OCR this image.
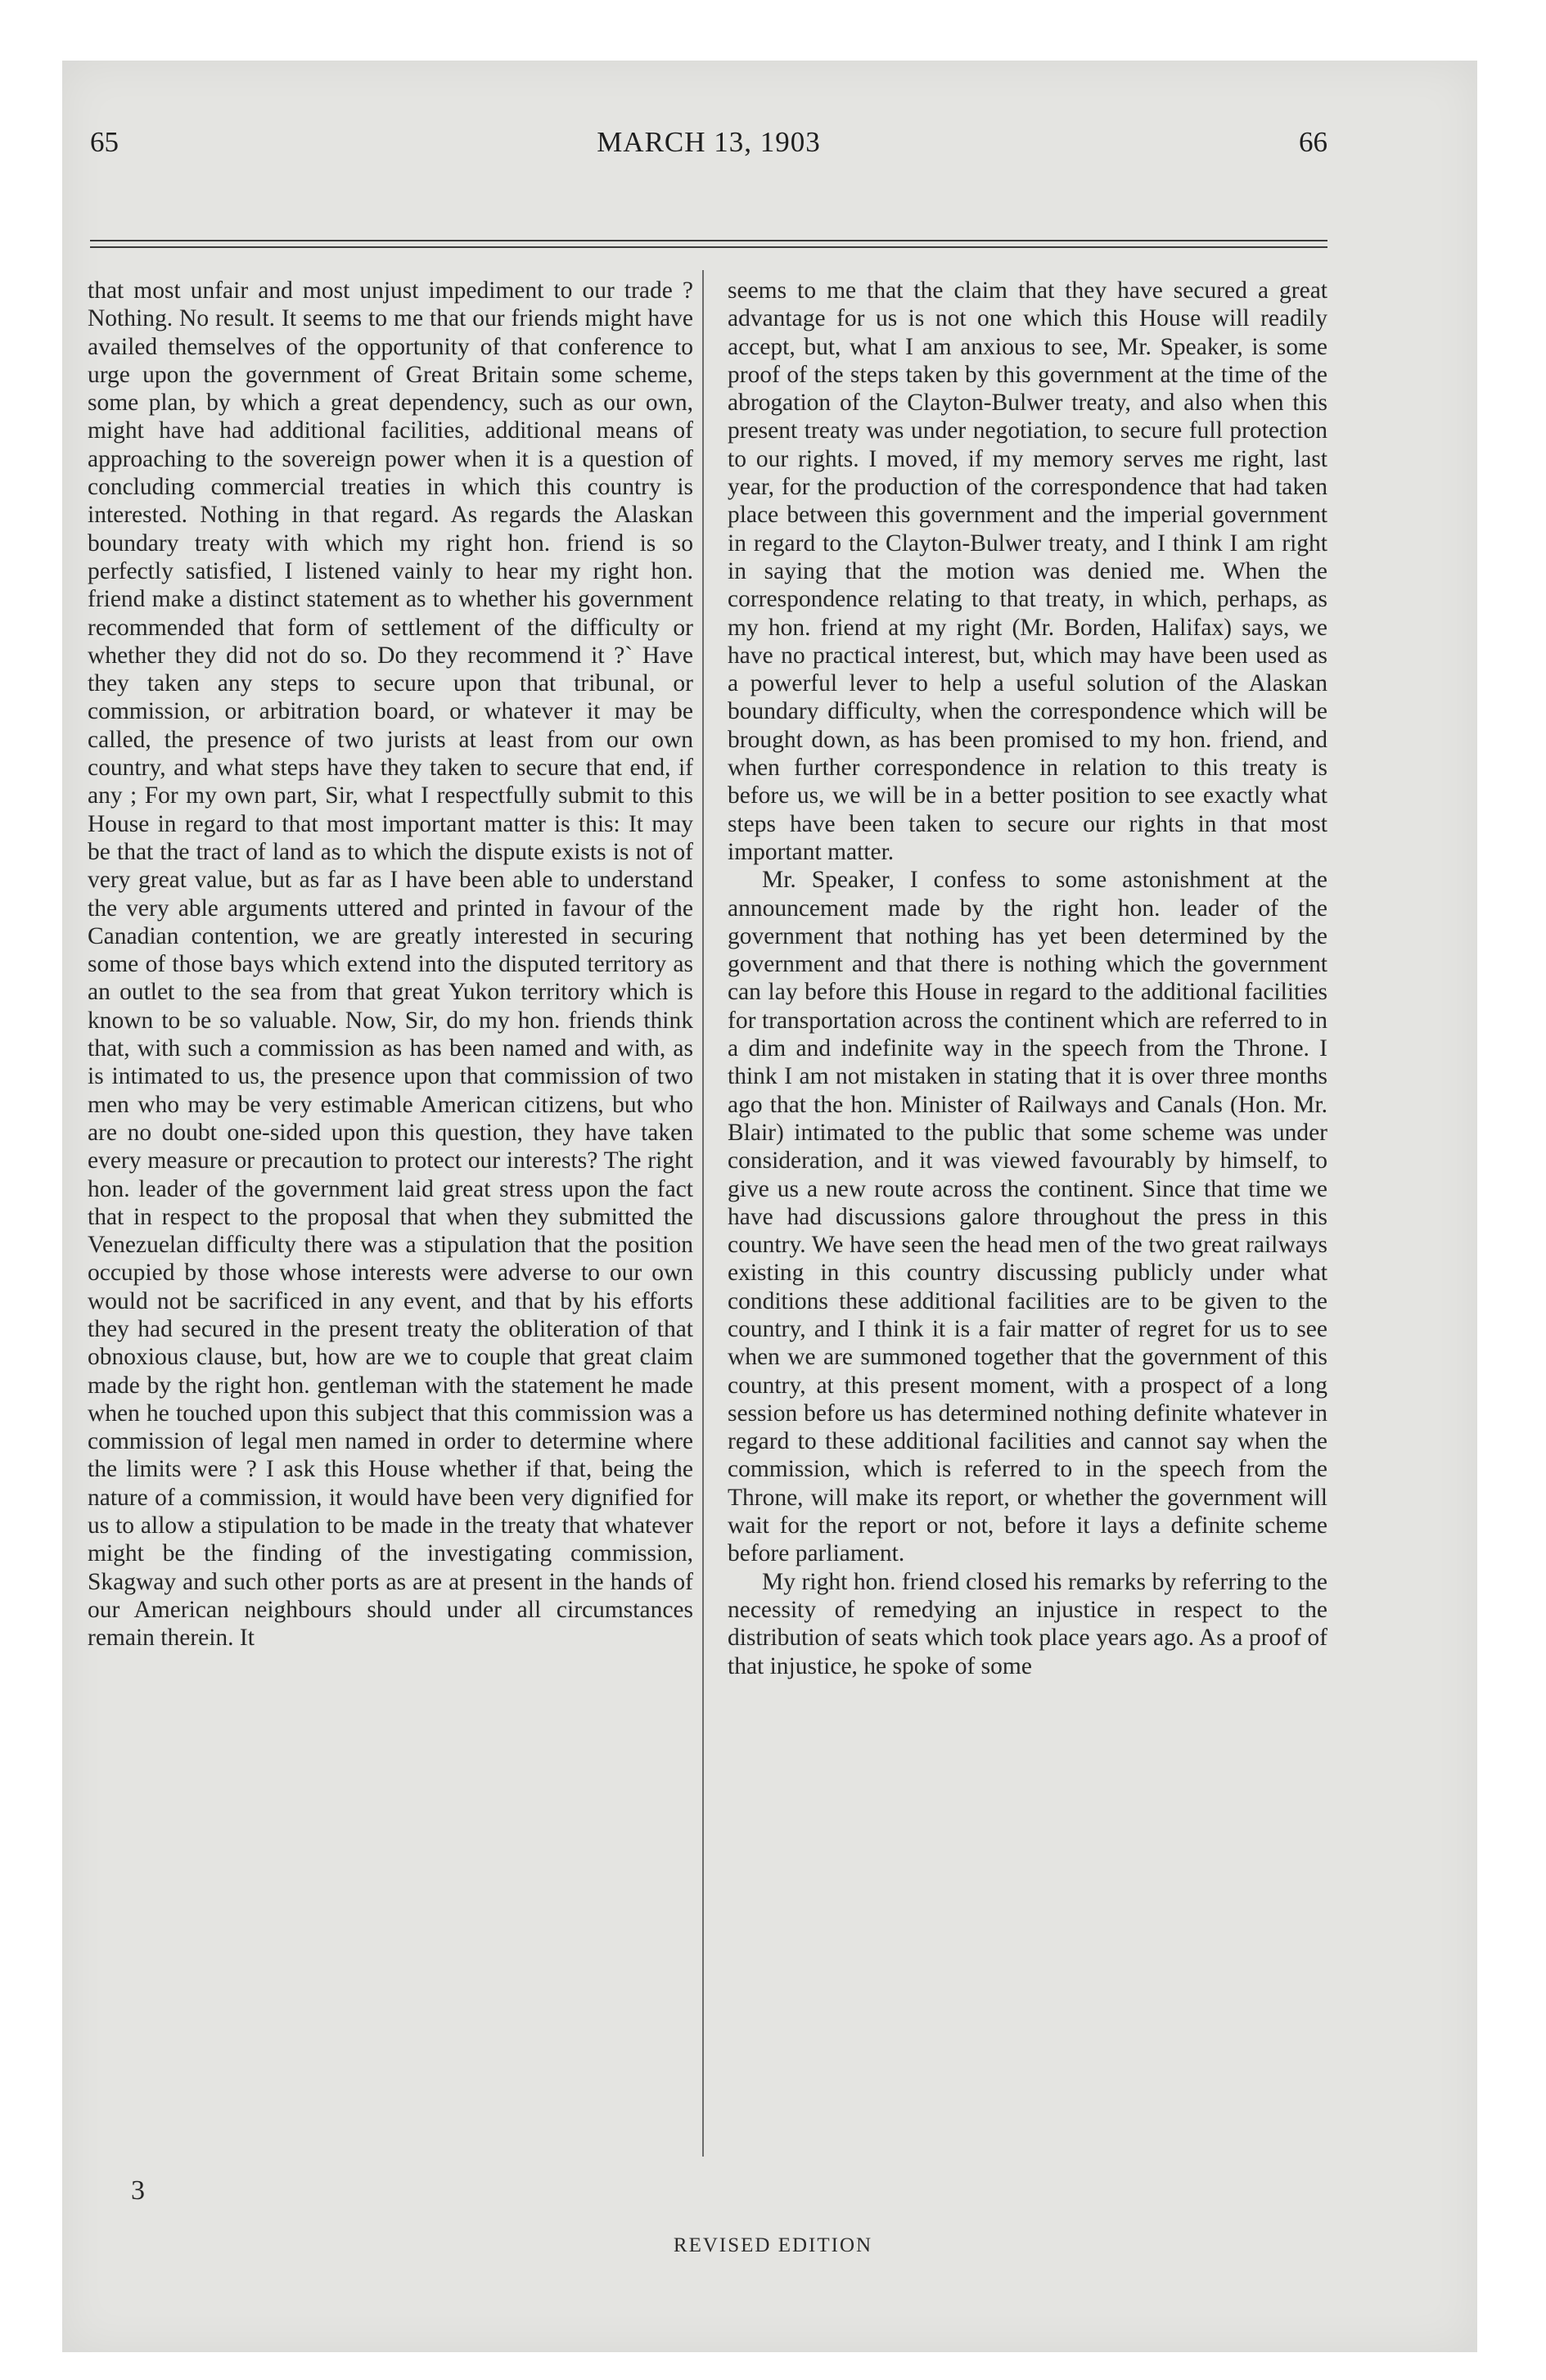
65	MARCH 13, 1903	66

that most unfair and most unjust impediment to our trade ? Nothing. No result. It seems to me that our friends might have availed themselves of the opportunity of that conference to urge upon the government of Great Britain some scheme, some plan, by which a great dependency, such as our own, might have had additional facilities, additional means of approaching to the sovereign power when it is a question of concluding commercial treaties in which this country is interested. Nothing in that regard. As regards the Alaskan boundary treaty with which my right hon. friend is so perfectly satisfied, I listened vainly to hear my right hon. friend make a distinct statement as to whether his government recommended that form of settlement of the difficulty or whether they did not do so. Do they recommend it ?` Have they taken any steps to secure upon that tribunal, or commission, or arbitration board, or whatever it may be called, the presence of two jurists at least from our own country, and what steps have they taken to secure that end, if any ; For my own part, Sir, what I respectfully submit to this House in regard to that most important matter is this: It may be that the tract of land as to which the dispute exists is not of very great value, but as far as I have been able to understand the very able arguments uttered and printed in favour of the Canadian contention, we are greatly interested in securing some of those bays which extend into the disputed territory as an outlet to the sea from that great Yukon territory which is known to be so valuable. Now, Sir, do my hon. friends think that, with such a commission as has been named and with, as is intimated to us, the presence upon that commission of two men who may be very estimable American citizens, but who are no doubt one-sided upon this question, they have taken every measure or precaution to protect our interests? The right hon. leader of the government laid great stress upon the fact that in respect to the proposal that when they submitted the Venezuelan difficulty there was a stipulation that the position occupied by those whose interests were adverse to our own would not be sacrificed in any event, and that by his efforts they had secured in the present treaty the obliteration of that obnoxious clause, but, how are we to couple that great claim made by the right hon. gentleman with the statement he made when he touched upon this subject that this commission was a commission of legal men named in order to determine where the limits were ? I ask this House whether if that, being the nature of a commission, it would have been very dignified for us to allow a stipulation to be made in the treaty that whatever might be the finding of the investigating commission, Skagway and such other ports as are at present in the hands of our American neighbours should under all circumstances remain therein. It

seems to me that the claim that they have secured a great advantage for us is not one which this House will readily accept, but, what I am anxious to see, Mr. Speaker, is some proof of the steps taken by this government at the time of the abrogation of the Clayton-Bulwer treaty, and also when this present treaty was under negotiation, to secure full protection to our rights. I moved, if my memory serves me right, last year, for the production of the correspondence that had taken place between this government and the imperial government in regard to the Clayton-Bulwer treaty, and I think I am right in saying that the motion was denied me. When the correspondence relating to that treaty, in which, perhaps, as my hon. friend at my right (Mr. Borden, Halifax) says, we have no practical interest, but, which may have been used as a powerful lever to help a useful solution of the Alaskan boundary difficulty, when the correspondence which will be brought down, as has been promised to my hon. friend, and when further correspondence in relation to this treaty is before us, we will be in a better position to see exactly what steps have been taken to secure our rights in that most important matter.

Mr. Speaker, I confess to some astonishment at the announcement made by the right hon. leader of the government that nothing has yet been determined by the government and that there is nothing which the government can lay before this House in regard to the additional facilities for transportation across the continent which are referred to in a dim and indefinite way in the speech from the Throne. I think I am not mistaken in stating that it is over three months ago that the hon. Minister of Railways and Canals (Hon. Mr. Blair) intimated to the public that some scheme was under consideration, and it was viewed favourably by himself, to give us a new route across the continent. Since that time we have had discussions galore throughout the press in this country. We have seen the head men of the two great railways existing in this country discussing publicly under what conditions these additional facilities are to be given to the country, and I think it is a fair matter of regret for us to see when we are summoned together that the government of this country, at this present moment, with a prospect of a long session before us has determined nothing definite whatever in regard to these additional facilities and cannot say when the commission, which is referred to in the speech from the Throne, will make its report, or whether the government will wait for the report or not, before it lays a definite scheme before parliament.

My right hon. friend closed his remarks by referring to the necessity of remedying an injustice in respect to the distribution of seats which took place years ago. As a proof of that injustice, he spoke of some

3
REVISED EDITION
